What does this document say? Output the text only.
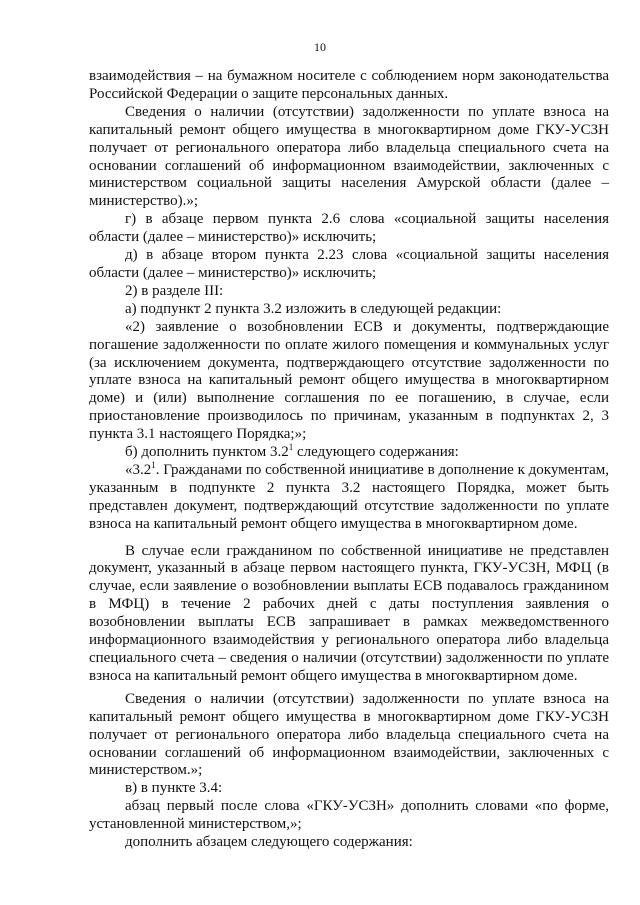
10

взаимодействия – на бумажном носителе с соблюдением норм законодательства Российской Федерации о защите персональных данных.

Сведения о наличии (отсутствии) задолженности по уплате взноса на капитальный ремонт общего имущества в многоквартирном доме ГКУ-УСЗН получает от регионального оператора либо владельца специального счета на основании соглашений об информационном взаимодействии, заключенных с министерством социальной защиты населения Амурской области (далее – министерство).»;

г) в абзаце первом пункта 2.6 слова «социальной защиты населения области (далее – министерство)» исключить;

д) в абзаце втором пункта 2.23 слова «социальной защиты населения области (далее – министерство)» исключить;

2) в разделе III:

а) подпункт 2 пункта 3.2 изложить в следующей редакции:

«2) заявление о возобновлении ЕСВ и документы, подтверждающие погашение задолженности по оплате жилого помещения и коммунальных услуг (за исключением документа, подтверждающего отсутствие задолженности по уплате взноса на капитальный ремонт общего имущества в многоквартирном доме) и (или) выполнение соглашения по ее погашению, в случае, если приостановление производилось по причинам, указанным в подпунктах 2, 3 пункта 3.1 настоящего Порядка;»;

б) дополнить пунктом $3.2^1$ следующего содержания:

«$3.2^1$. Гражданами по собственной инициативе в дополнение к документам, указанным в подпункте 2 пункта 3.2 настоящего Порядка, может быть представлен документ, подтверждающий отсутствие задолженности по уплате взноса на капитальный ремонт общего имущества в многоквартирном доме.

В случае если гражданином по собственной инициативе не представлен документ, указанный в абзаце первом настоящего пункта, ГКУ-УСЗН, МФЦ (в случае, если заявление о возобновлении выплаты ЕСВ подавалось гражданином в МФЦ) в течение 2 рабочих дней с даты поступления заявления о возобновлении выплаты ЕСВ запрашивает в рамках межведомственного информационного взаимодействия у регионального оператора либо владельца специального счета – сведения о наличии (отсутствии) задолженности по уплате взноса на капитальный ремонт общего имущества в многоквартирном доме.

Сведения о наличии (отсутствии) задолженности по уплате взноса на капитальный ремонт общего имущества в многоквартирном доме ГКУ-УСЗН получает от регионального оператора либо владельца специального счета на основании соглашений об информационном взаимодействии, заключенных с министерством.»;

в) в пункте 3.4:

абзац первый после слова «ГКУ-УСЗН» дополнить словами «по форме, установленной министерством,»;

дополнить абзацем следующего содержания:
